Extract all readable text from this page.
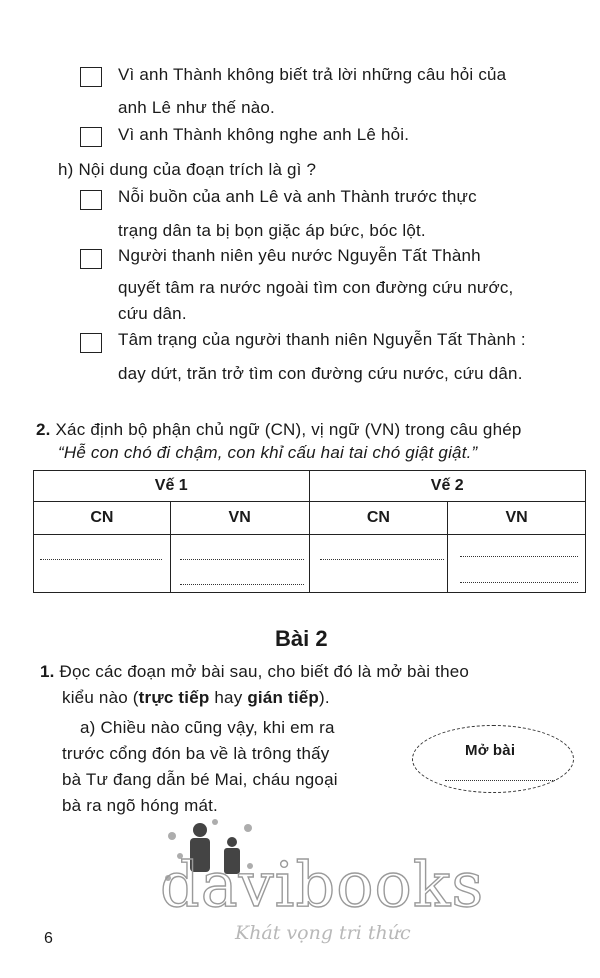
Vì anh Thành không biết trả lời những câu hỏi của
anh Lê như thế nào.
Vì anh Thành không nghe anh Lê hỏi.
h) Nội dung của đoạn trích là gì ?
Nỗi buồn của anh Lê và anh Thành trước thực
trạng dân ta bị bọn giặc áp bức, bóc lột.
Người thanh niên yêu nước Nguyễn Tất Thành
quyết tâm ra nước ngoài tìm con đường cứu nước,
cứu dân.
Tâm trạng của người thanh niên Nguyễn Tất Thành :
day dứt, trăn trở tìm con đường cứu nước, cứu dân.
2. Xác định bộ phận chủ ngữ (CN), vị ngữ (VN) trong câu ghép
“Hễ con chó đi chậm, con khỉ cấu hai tai chó giật giật.”
Vế 1		Vế 2	
CN	VN	CN	VN

Bài 2
1. Đọc các đoạn mở bài sau, cho biết đó là mở bài theo
kiểu nào (trực tiếp hay gián tiếp).
a) Chiều nào cũng vậy, khi em ra
trước cổng đón ba về là trông thấy
bà Tư đang dẫn bé Mai, cháu ngoại
bà ra ngõ hóng mát.
Mở bài
davibooks
Khát vọng tri thức
6
